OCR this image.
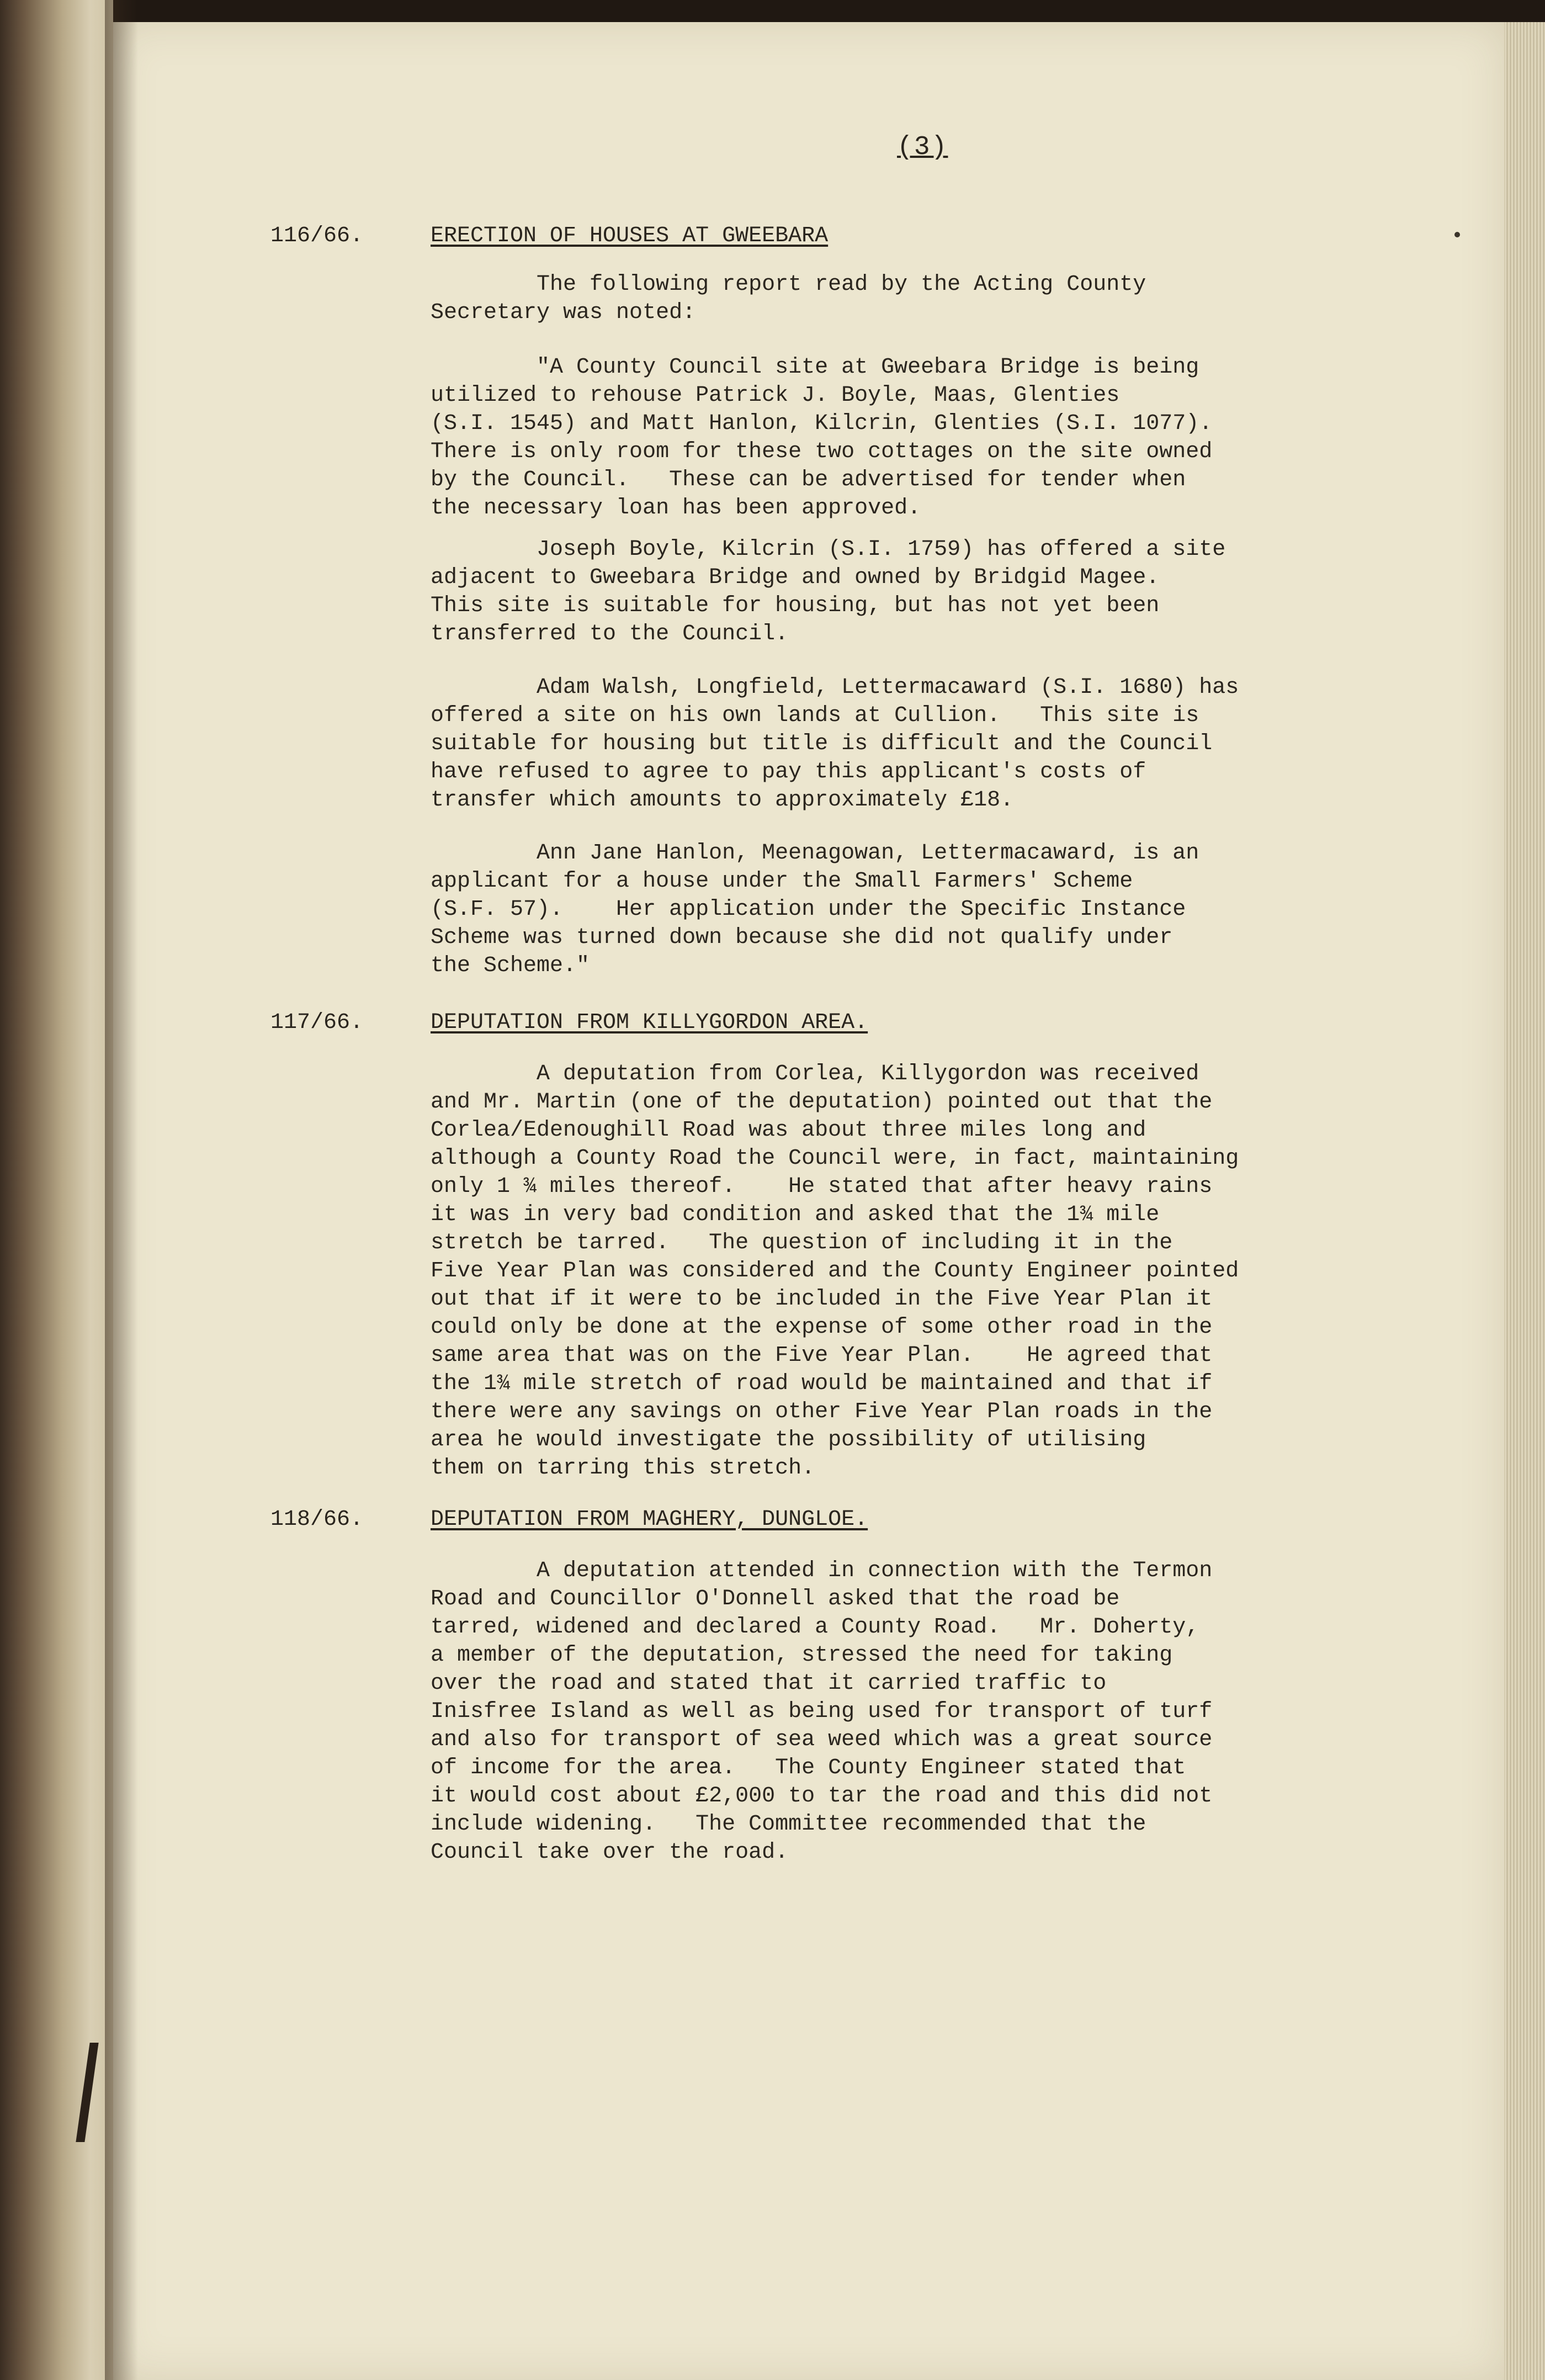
(3)
116/66.	ERECTION OF HOUSES AT GWEEBARA
The following report read by the Acting County
Secretary was noted:
"A County Council site at Gweebara Bridge is being
utilized to rehouse Patrick J. Boyle, Maas, Glenties
(S.I. 1545) and Matt Hanlon, Kilcrin, Glenties (S.I. 1077).
There is only room for these two cottages on the site owned
by the Council.   These can be advertised for tender when
the necessary loan has been approved.
Joseph Boyle, Kilcrin (S.I. 1759) has offered a site
adjacent to Gweebara Bridge and owned by Bridgid Magee.
This site is suitable for housing, but has not yet been
transferred to the Council.
Adam Walsh, Longfield, Lettermacaward (S.I. 1680) has
offered a site on his own lands at Cullion.   This site is
suitable for housing but title is difficult and the Council
have refused to agree to pay this applicant's costs of
transfer which amounts to approximately £18.
Ann Jane Hanlon, Meenagowan, Lettermacaward, is an
applicant for a house under the Small Farmers' Scheme
(S.F. 57).    Her application under the Specific Instance
Scheme was turned down because she did not qualify under
the Scheme."
117/66.	DEPUTATION FROM KILLYGORDON AREA.
A deputation from Corlea, Killygordon was received
and Mr. Martin (one of the deputation) pointed out that the
Corlea/Edenoughill Road was about three miles long and
although a County Road the Council were, in fact, maintaining
only 1 ¾ miles thereof.    He stated that after heavy rains
it was in very bad condition and asked that the 1¾ mile
stretch be tarred.   The question of including it in the
Five Year Plan was considered and the County Engineer pointed
out that if it were to be included in the Five Year Plan it
could only be done at the expense of some other road in the
same area that was on the Five Year Plan.    He agreed that
the 1¾ mile stretch of road would be maintained and that if
there were any savings on other Five Year Plan roads in the
area he would investigate the possibility of utilising
them on tarring this stretch.
118/66.	DEPUTATION FROM MAGHERY, DUNGLOE.
A deputation attended in connection with the Termon
Road and Councillor O'Donnell asked that the road be
tarred, widened and declared a County Road.   Mr. Doherty,
a member of the deputation, stressed the need for taking
over the road and stated that it carried traffic to
Inisfree Island as well as being used for transport of turf
and also for transport of sea weed which was a great source
of income for the area.   The County Engineer stated that
it would cost about £2,000 to tar the road and this did not
include widening.   The Committee recommended that the
Council take over the road.
